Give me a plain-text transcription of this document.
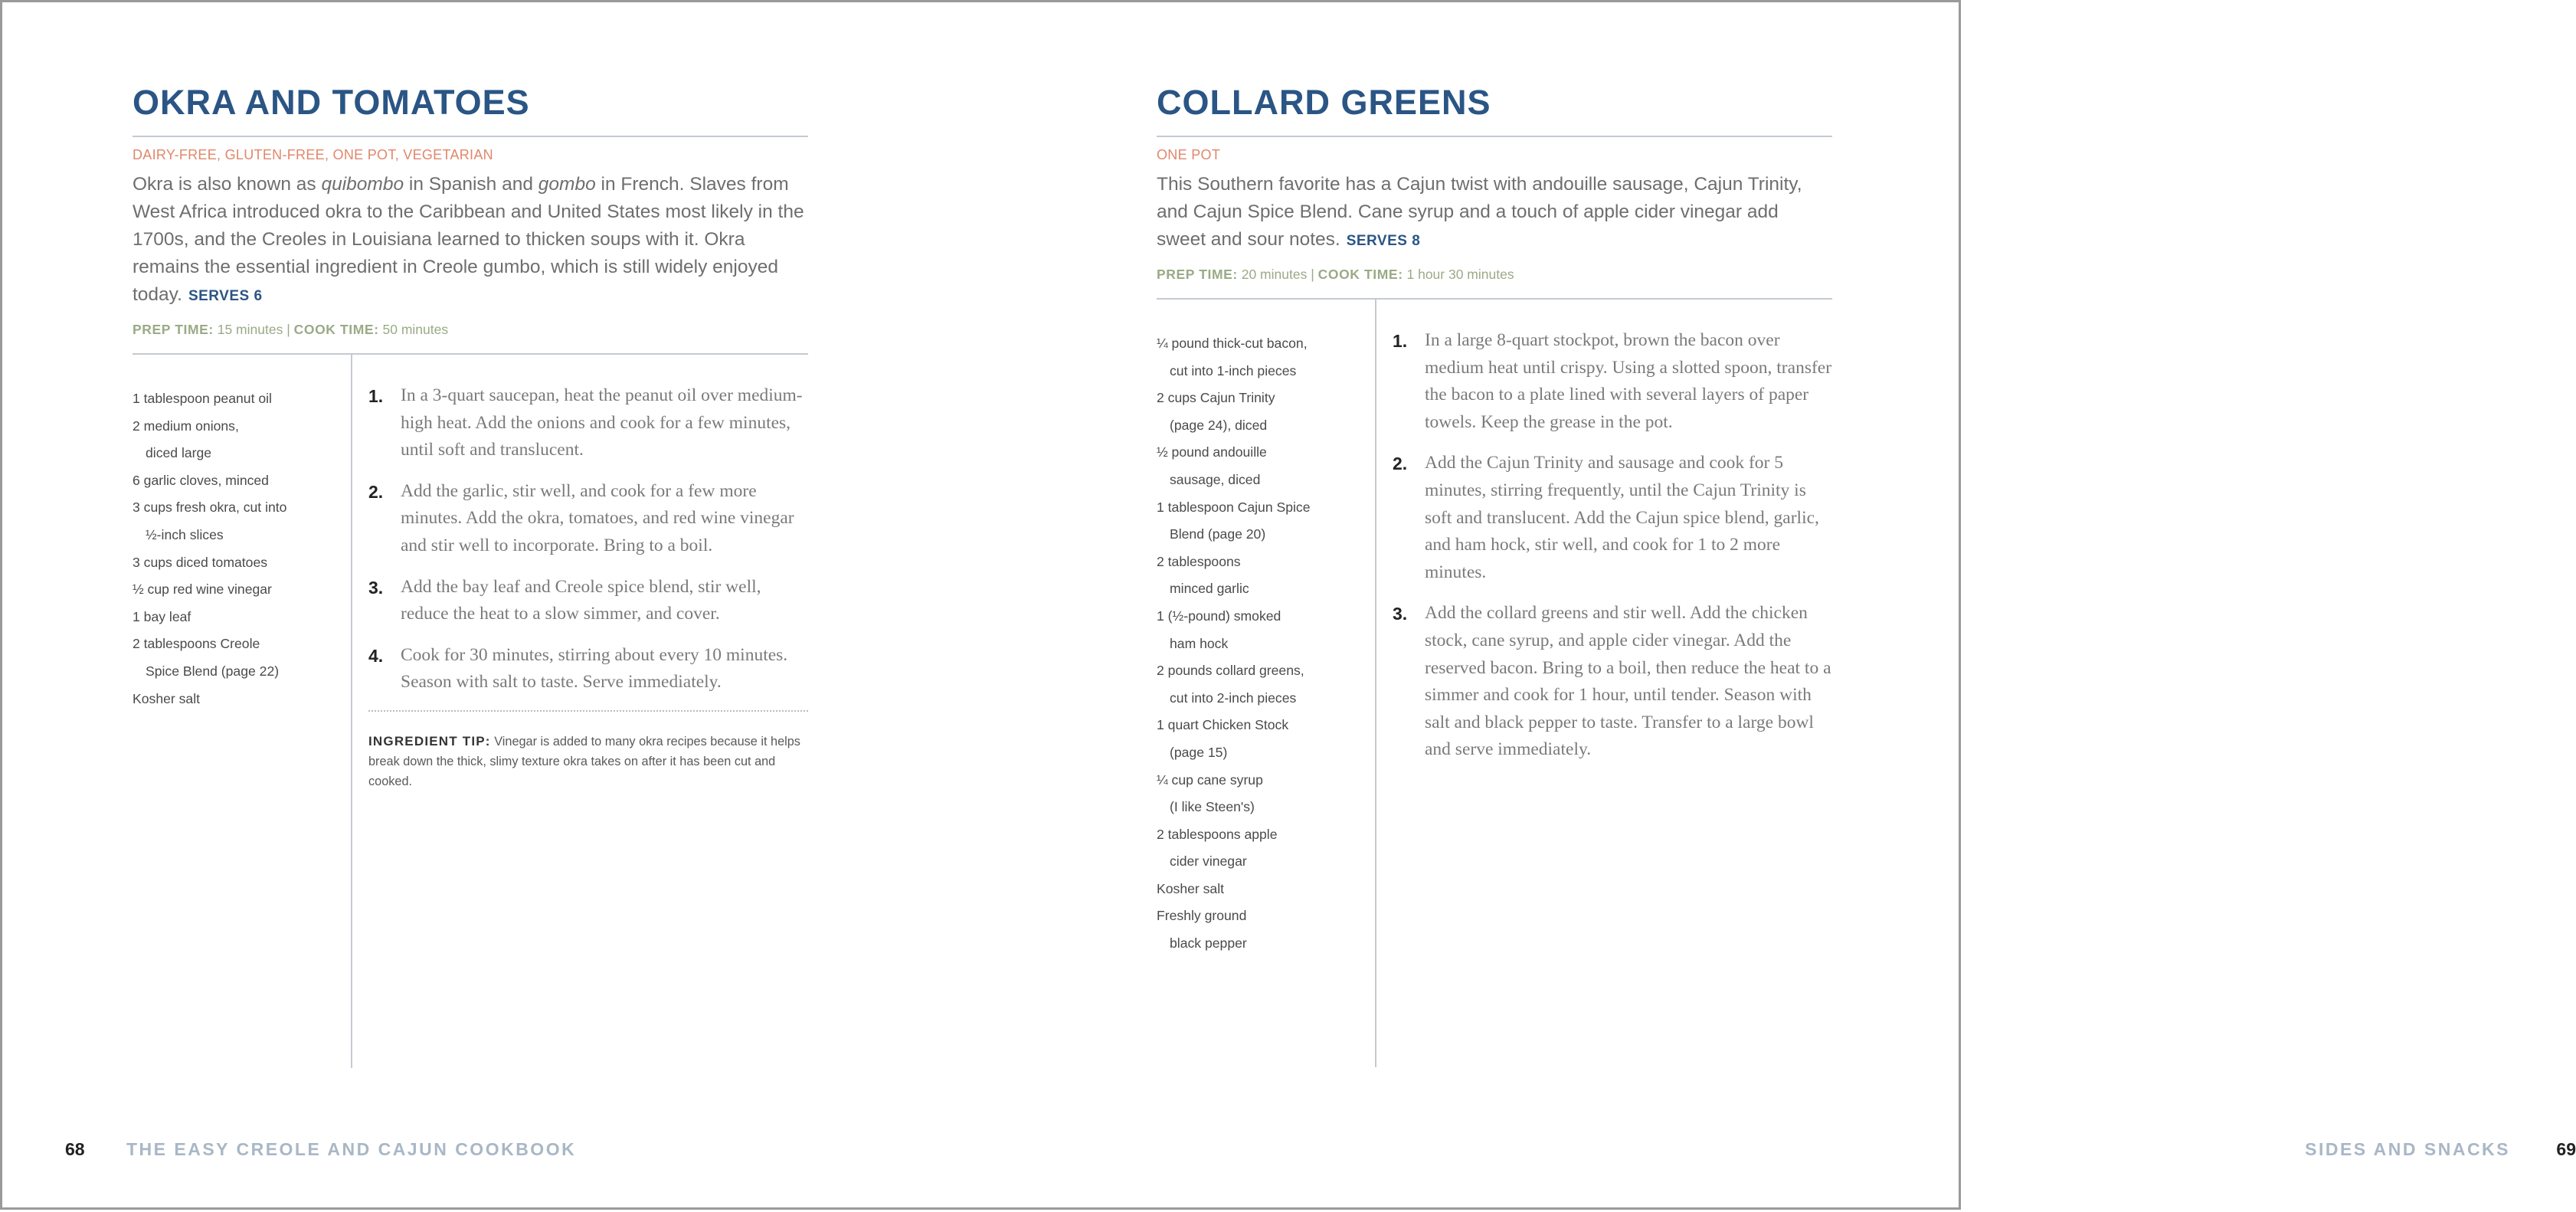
OKRA AND TOMATOES
DAIRY-FREE, GLUTEN-FREE, ONE POT, VEGETARIAN
Okra is also known as quibombo in Spanish and gombo in French. Slaves from West Africa introduced okra to the Caribbean and United States most likely in the 1700s, and the Creoles in Louisiana learned to thicken soups with it. Okra remains the essential ingredient in Creole gumbo, which is still widely enjoyed today. SERVES 6
PREP TIME: 15 minutes | COOK TIME: 50 minutes
1 tablespoon peanut oil
2 medium onions,
diced large
6 garlic cloves, minced
3 cups fresh okra, cut into
½-inch slices
3 cups diced tomatoes
½ cup red wine vinegar
1 bay leaf
2 tablespoons Creole
Spice Blend (page 22)
Kosher salt
1. In a 3-quart saucepan, heat the peanut oil over medium-high heat. Add the onions and cook for a few minutes, until soft and translucent.
2. Add the garlic, stir well, and cook for a few more minutes. Add the okra, tomatoes, and red wine vinegar and stir well to incorporate. Bring to a boil.
3. Add the bay leaf and Creole spice blend, stir well, reduce the heat to a slow simmer, and cover.
4. Cook for 30 minutes, stirring about every 10 minutes. Season with salt to taste. Serve immediately.
INGREDIENT TIP: Vinegar is added to many okra recipes because it helps break down the thick, slimy texture okra takes on after it has been cut and cooked.
68 THE EASY CREOLE AND CAJUN COOKBOOK
COLLARD GREENS
ONE POT
This Southern favorite has a Cajun twist with andouille sausage, Cajun Trinity, and Cajun Spice Blend. Cane syrup and a touch of apple cider vinegar add sweet and sour notes. SERVES 8
PREP TIME: 20 minutes | COOK TIME: 1 hour 30 minutes
¼ pound thick-cut bacon,
cut into 1-inch pieces
2 cups Cajun Trinity
(page 24), diced
½ pound andouille
sausage, diced
1 tablespoon Cajun Spice
Blend (page 20)
2 tablespoons
minced garlic
1 (½-pound) smoked
ham hock
2 pounds collard greens,
cut into 2-inch pieces
1 quart Chicken Stock
(page 15)
¼ cup cane syrup
(I like Steen's)
2 tablespoons apple
cider vinegar
Kosher salt
Freshly ground
black pepper
1. In a large 8-quart stockpot, brown the bacon over medium heat until crispy. Using a slotted spoon, transfer the bacon to a plate lined with several layers of paper towels. Keep the grease in the pot.
2. Add the Cajun Trinity and sausage and cook for 5 minutes, stirring frequently, until the Cajun Trinity is soft and translucent. Add the Cajun spice blend, garlic, and ham hock, stir well, and cook for 1 to 2 more minutes.
3. Add the collard greens and stir well. Add the chicken stock, cane syrup, and apple cider vinegar. Add the reserved bacon. Bring to a boil, then reduce the heat to a simmer and cook for 1 hour, until tender. Season with salt and black pepper to taste. Transfer to a large bowl and serve immediately.
SIDES AND SNACKS	69
